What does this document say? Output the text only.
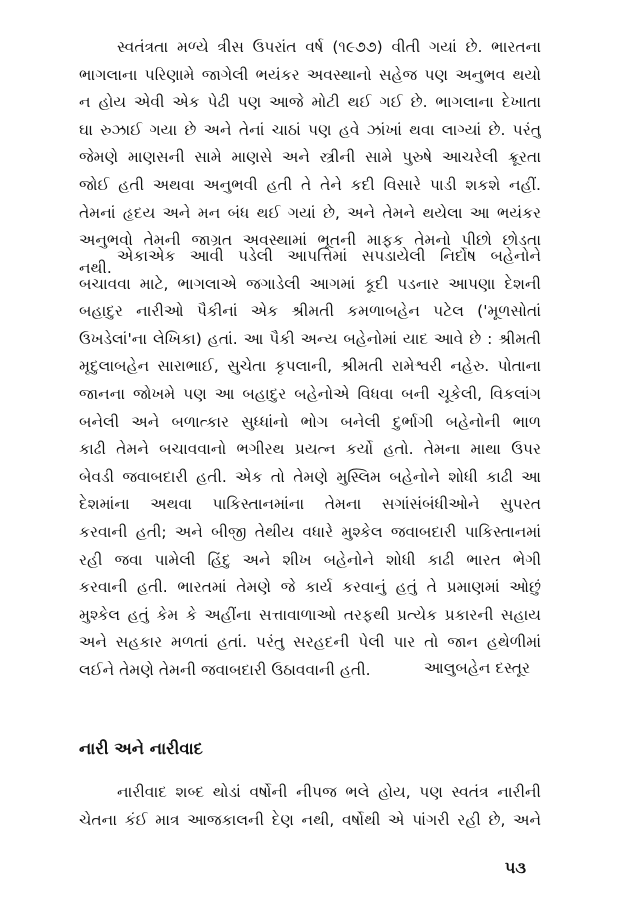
સ્વતંત્રતા મળ્યે ત્રીસ ઉપરાંત વર્ષ (૧૯૭૭) વીતી ગયાં છે. ભારતના
ભાગલાના પરિણામે જાગેલી ભયંકર અવસ્થાનો સહેજ પણ અનુભવ થયો
ન હોય એવી એક પેઢી પણ આજે મોટી થઈ ગઈ છે. ભાગલાના દેખાતા
ઘા રુઝાઈ ગયા છે અને તેનાં ચાઠાં પણ હવે ઝાંખાં થવા લાગ્યાં છે. પરંતુ
જેમણે માણસની સામે માણસે અને સ્ત્રીની સામે પુરુષે આચરેલી ક્રૂરતા
જોઈ હતી અથવા અનુભવી હતી તે તેને કદી વિસારે પાડી શકશે નહીં.
તેમનાં હૃદય અને મન બંધ થઈ ગયાં છે, અને તેમને થયેલા આ ભયંકર
અનુભવો તેમની જાગ્રત અવસ્થામાં ભૂતની માફક તેમનો પીછો છોડતા
નથી.
એકાએક આવી પડેલી આપત્તિમાં સપડાયેલી નિર્દોષ બહેનોને
બચાવવા માટે, ભાગલાએ જગાડેલી આગમાં કૂદી પડનાર આપણા દેશની
બહાદુર નારીઓ પૈકીનાં એક શ્રીમતી કમળાબહેન પટેલ ('મૂળસોતાં
ઉખડેલાં'ના લેખિકા) હતાં. આ પૈકી અન્ય બહેનોમાં યાદ આવે છે : શ્રીમતી
મૃદુલાબહેન સારાભાઈ, સુચેતા કૃપલાની, શ્રીમતી રામેશ્વરી નહેરુ. પોતાના
જાનના જોખમે પણ આ બહાદુર બહેનોએ વિધવા બની ચૂકેલી, વિકલાંગ
બનેલી અને બળાત્કાર સુધ્ધાંનો ભોગ બનેલી દુર્ભાગી બહેનોની ભાળ
કાઢી તેમને બચાવવાનો ભગીરથ પ્રયત્ન કર્યો હતો. તેમના માથા ઉપર
બેવડી જવાબદારી હતી. એક તો તેમણે મુસ્લિમ બહેનોને શોધી કાઢી આ
દેશમાંના અથવા પાકિસ્તાનમાંના તેમના સગાંસંબંધીઓને સુપરત
કરવાની હતી; અને બીજી તેથીય વધારે મુશ્કેલ જવાબદારી પાકિસ્તાનમાં
રહી જવા પામેલી હિંદુ અને શીખ બહેનોને શોધી કાઢી ભારત ભેગી
કરવાની હતી. ભારતમાં તેમણે જે કાર્ય કરવાનું હતું તે પ્રમાણમાં ઓછું
મુશ્કેલ હતું કેમ કે અહીંના સત્તાવાળાઓ તરફથી પ્રત્યેક પ્રકારની સહાય
અને સહકાર મળતાં હતાં. પરંતુ સરહદની પેલી પાર તો જાન હથેળીમાં
લઈને તેમણે તેમની જવાબદારી ઉઠાવવાની હતી.	આલુબહેન દસ્તૂર
નારી અને નારીવાદ
નારીવાદ શબ્દ થોડાં વર્ષોની નીપજ ભલે હોય, પણ સ્વતંત્ર નારીની
ચેતના કંઈ માત્ર આજકાલની દેણ નથી, વર્ષોથી એ પાંગરી રહી છે, અને
૫૩
